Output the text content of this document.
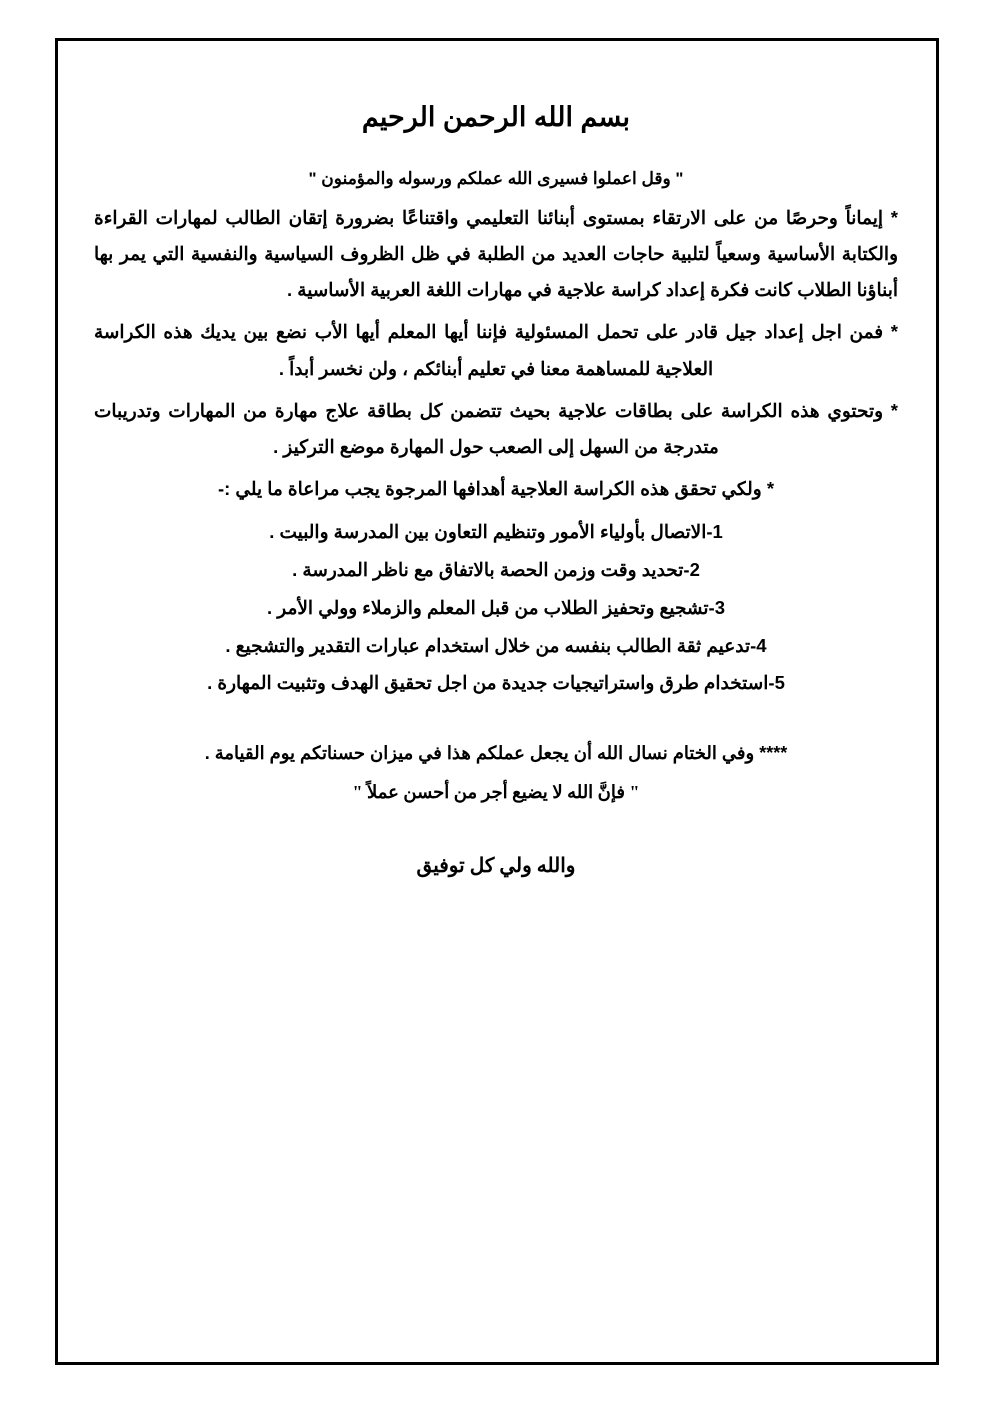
بسم الله الرحمن الرحيم

" وقل اعملوا فسيرى الله عملكم ورسوله والمؤمنون "

* إيماناً وحرصًا من على الارتقاء بمستوى أبنائنا التعليمي واقتناعًا بضرورة إتقان الطالب لمهارات القراءة والكتابة الأساسية وسعياً لتلبية حاجات العديد من الطلبة في ظل الظروف السياسية والنفسية التي يمر بها أبناؤنا الطلاب كانت فكرة إعداد كراسة علاجية في مهارات اللغة العربية الأساسية .

* فمن اجل إعداد جيل قادر على تحمل المسئولية فإننا أيها المعلم أيها الأب نضع بين يديك هذه الكراسة العلاجية للمساهمة معنا في تعليم أبنائكم ، ولن نخسر أبداً .

* وتحتوي هذه الكراسة على بطاقات علاجية بحيث تتضمن كل بطاقة علاج مهارة من المهارات وتدريبات متدرجة من السهل إلى الصعب حول المهارة موضع التركيز .

* ولكي تحقق هذه الكراسة العلاجية أهدافها المرجوة يجب مراعاة ما يلي :-

1-الاتصال بأولياء الأمور وتنظيم التعاون بين المدرسة والبيت .
2-تحديد وقت وزمن الحصة بالاتفاق مع ناظر المدرسة .
3-تشجيع وتحفيز الطلاب من قبل المعلم والزملاء وولي الأمر .
4-تدعيم ثقة الطالب بنفسه من خلال استخدام عبارات التقدير والتشجيع .
5-استخدام طرق واستراتيجيات جديدة من اجل تحقيق الهدف وتثبيت المهارة .

**** وفي الختام نسال الله أن يجعل عملكم هذا في ميزان حسناتكم يوم القيامة .

" فإنَّ الله لا يضيع أجر من أحسن عملاً "

والله ولي كل توفيق
